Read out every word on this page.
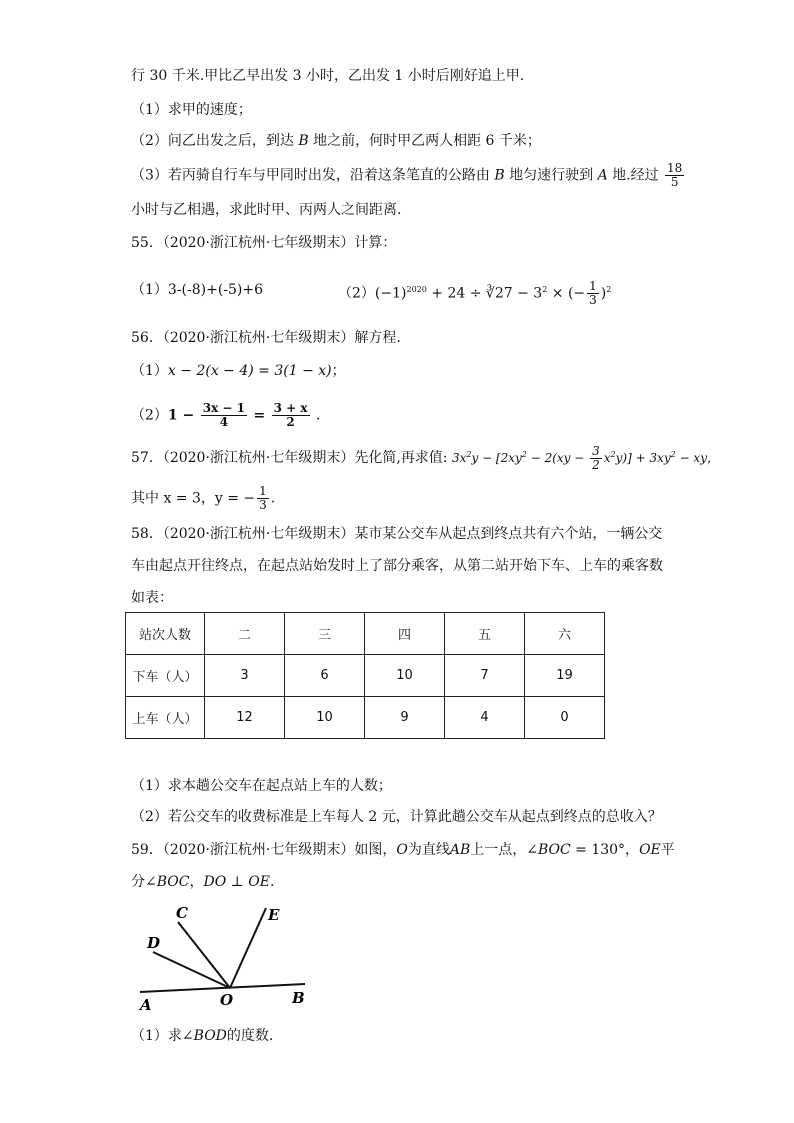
行 30 千米.甲比乙早出发 3 小时，乙出发 1 小时后刚好追上甲.
（1）求甲的速度；
（2）问乙出发之后，到达 B 地之前，何时甲乙两人相距 6 千米；
（3）若丙骑自行车与甲同时出发，沿着这条笔直的公路由 B 地匀速行驶到 A 地.经过 $\frac{18}{5}$
小时与乙相遇，求此时甲、丙两人之间距离.
55．（2020·浙江杭州·七年级期末）计算：
（1）3-(-8)+(-5)+6	$(2)(-1)^{2020} + 24$ ÷ ∛27 − $3^2$ × (− $\frac{1}{3} )^2$
56．（2020·浙江杭州·七年级期末）解方程．
（1）x − 2(x − 4) = 3(1 − x)；
$(2)1 - \frac{3x - 1}{4} = \frac{3 + x}{2}$ ．
57．（2020·浙江杭州·七年级期末）先化简,再求值: $3x^2y - [2xy^2 - 2(xy - \frac{3}{2} x^2y)] + 3xy^2$ − xy，
其中 x = 3，y = − $\frac{1}{3}$ .
58．（2020·浙江杭州·七年级期末）某市某公交车从起点到终点共有六个站，一辆公交
车由起点开往终点，在起点站始发时上了部分乘客，从第二站开始下车、上车的乘客数
如表：
站次人数	二	三	四	五	六
下车（人）	3	6	10	7	19
上车（人）	12	10	9	4	0
（1）求本趟公交车在起点站上车的人数；
（2）若公交车的收费标准是上车每人 2 元，计算此趟公交车从起点到终点的总收入？
59．（2020·浙江杭州·七年级期末）如图，O为直线AB上一点，∠BOC = 130°，OE平
分∠BOC，DO ⊥ OE.
C
D
E
A	O	B
（1）求∠BOD的度数.
